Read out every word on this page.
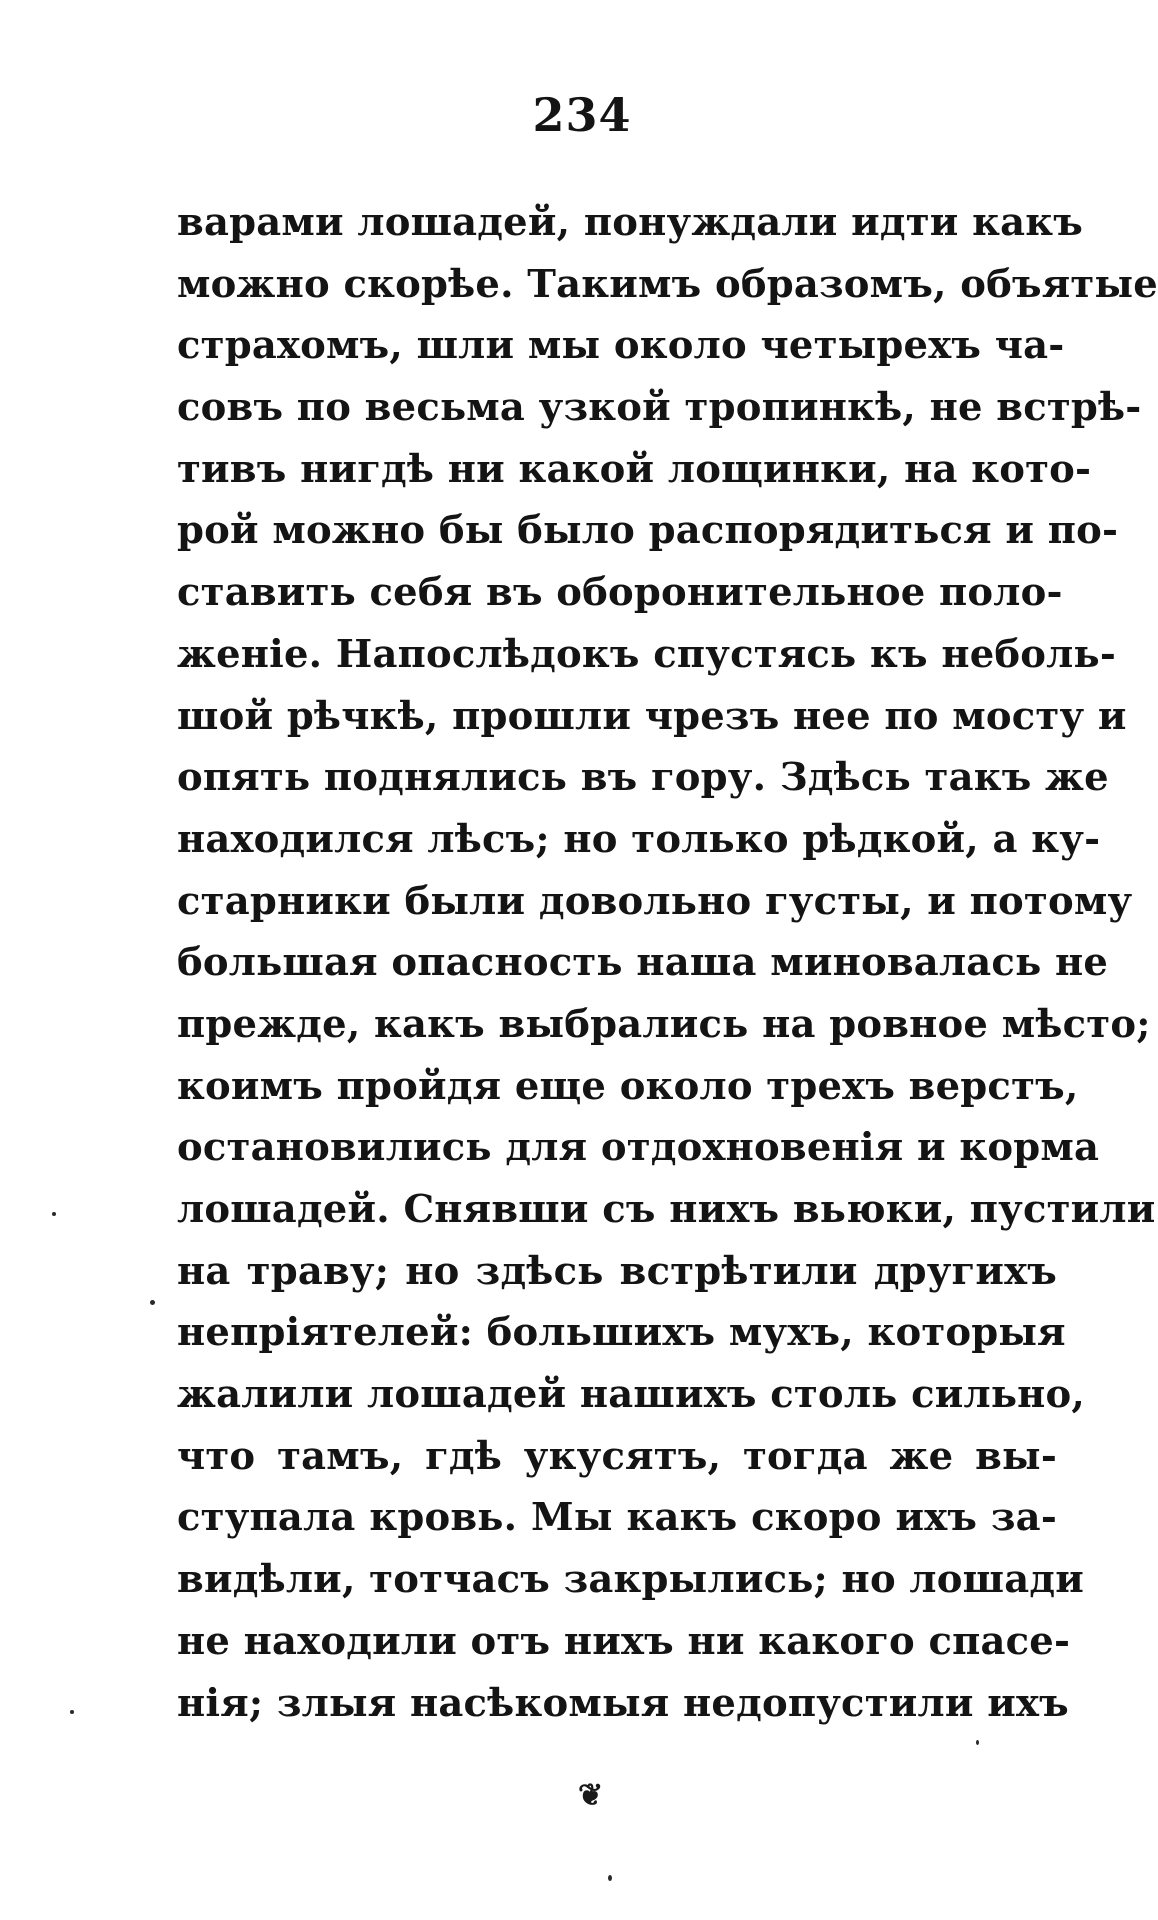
234
варами лошадей, понуждали идти какъ
можно скорѣе. Такимъ образомъ, объятые
страхомъ, шли мы около четырехъ ча-
совъ по весьма узкой тропинкѣ, не встрѣ-
тивъ нигдѣ ни какой лощинки, на кото-
рой можно бы было распорядиться и по-
ставить себя въ оборонительное поло-
женіе. Напослѣдокъ спустясь къ неболь-
шой рѣчкѣ, прошли чрезъ нее по мосту и
опять поднялись въ гору. Здѣсь такъ же
находился лѣсъ; но только рѣдкой, а ку-
старники были довольно густы, и потому
большая опасность наша миновалась не
прежде, какъ выбрались на ровное мѣсто;
коимъ пройдя еще около трехъ верстъ,
остановились для отдохновенія и корма
лошадей. Снявши съ нихъ вьюки, пустили
на траву; но здѣсь встрѣтили другихъ
непріятелей: большихъ мухъ, которыя
жалили лошадей нашихъ столь сильно,
что тамъ, гдѣ укусятъ, тогда же вы-
ступала кровь. Мы какъ скоро ихъ за-
видѣли, тотчасъ закрылись; но лошади
не находили отъ нихъ ни какого спасе-
нія; злыя насѣкомыя недопустили ихъ
❦
